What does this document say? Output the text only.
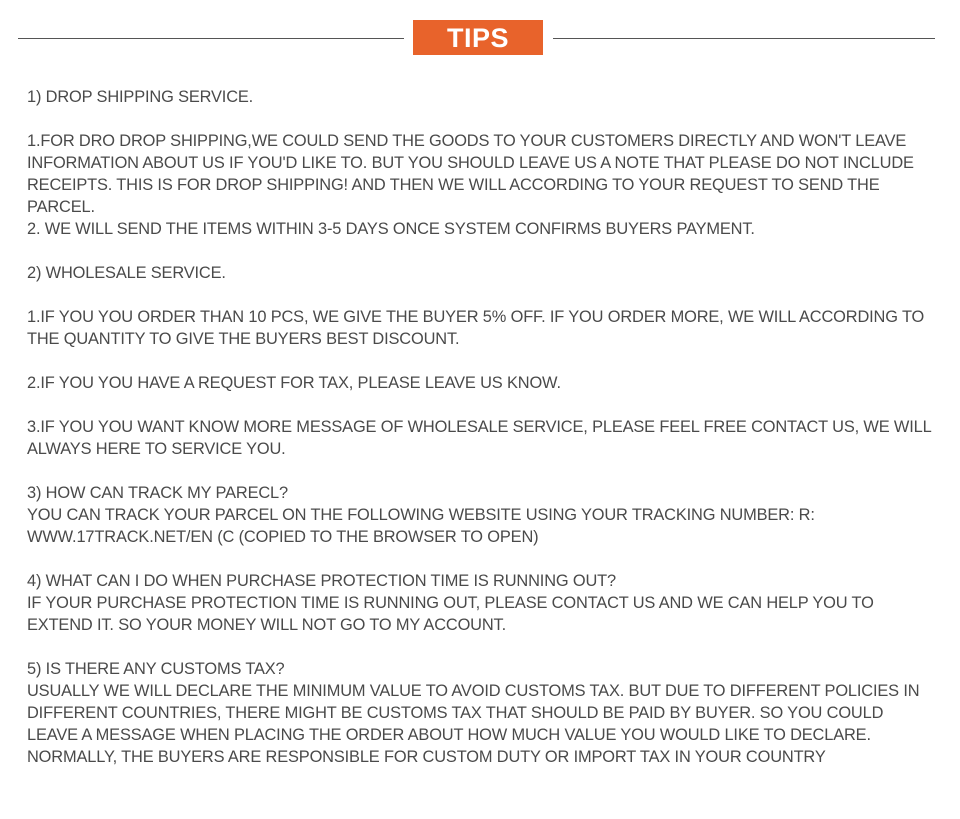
TIPS

1) DROP SHIPPING SERVICE.

1.FOR DRO DROP SHIPPING,WE COULD SEND THE GOODS TO YOUR CUSTOMERS DIRECTLY AND WON'T LEAVE INFORMATION ABOUT US IF YOU'D LIKE TO. BUT YOU SHOULD LEAVE US A NOTE THAT PLEASE DO NOT INCLUDE RECEIPTS. THIS IS FOR DROP SHIPPING! AND THEN WE WILL ACCORDING TO YOUR REQUEST TO SEND THE PARCEL.

2. WE WILL SEND THE ITEMS WITHIN 3-5 DAYS ONCE SYSTEM CONFIRMS BUYERS PAYMENT.

2) WHOLESALE SERVICE.

1.IF YOU YOU ORDER THAN 10 PCS, WE GIVE THE BUYER 5% OFF. IF YOU ORDER MORE, WE WILL ACCORDING TO THE QUANTITY TO GIVE THE BUYERS BEST DISCOUNT.

2.IF YOU YOU HAVE A REQUEST FOR TAX, PLEASE LEAVE US KNOW.

3.IF YOU YOU WANT KNOW MORE MESSAGE OF WHOLESALE SERVICE, PLEASE FEEL FREE CONTACT US, WE WILL ALWAYS HERE TO SERVICE YOU.

3) HOW CAN TRACK MY PARECL?

YOU CAN TRACK YOUR PARCEL ON THE FOLLOWING WEBSITE USING YOUR TRACKING NUMBER: R: WWW.17TRACK.NET/EN (C (COPIED TO THE BROWSER TO OPEN)

4) WHAT CAN I DO WHEN PURCHASE PROTECTION TIME IS RUNNING OUT?

IF YOUR PURCHASE PROTECTION TIME IS RUNNING OUT, PLEASE CONTACT US AND WE CAN HELP YOU TO EXTEND IT. SO YOUR MONEY WILL NOT GO TO MY ACCOUNT.

5) IS THERE ANY CUSTOMS TAX?

USUALLY WE WILL DECLARE THE MINIMUM VALUE TO AVOID CUSTOMS TAX. BUT DUE TO DIFFERENT POLICIES IN DIFFERENT COUNTRIES, THERE MIGHT BE CUSTOMS TAX THAT SHOULD BE PAID BY BUYER. SO YOU COULD LEAVE A MESSAGE WHEN PLACING THE ORDER ABOUT HOW MUCH VALUE YOU WOULD LIKE TO DECLARE.

NORMALLY, THE BUYERS ARE RESPONSIBLE FOR CUSTOM DUTY OR IMPORT TAX IN YOUR COUNTRY
